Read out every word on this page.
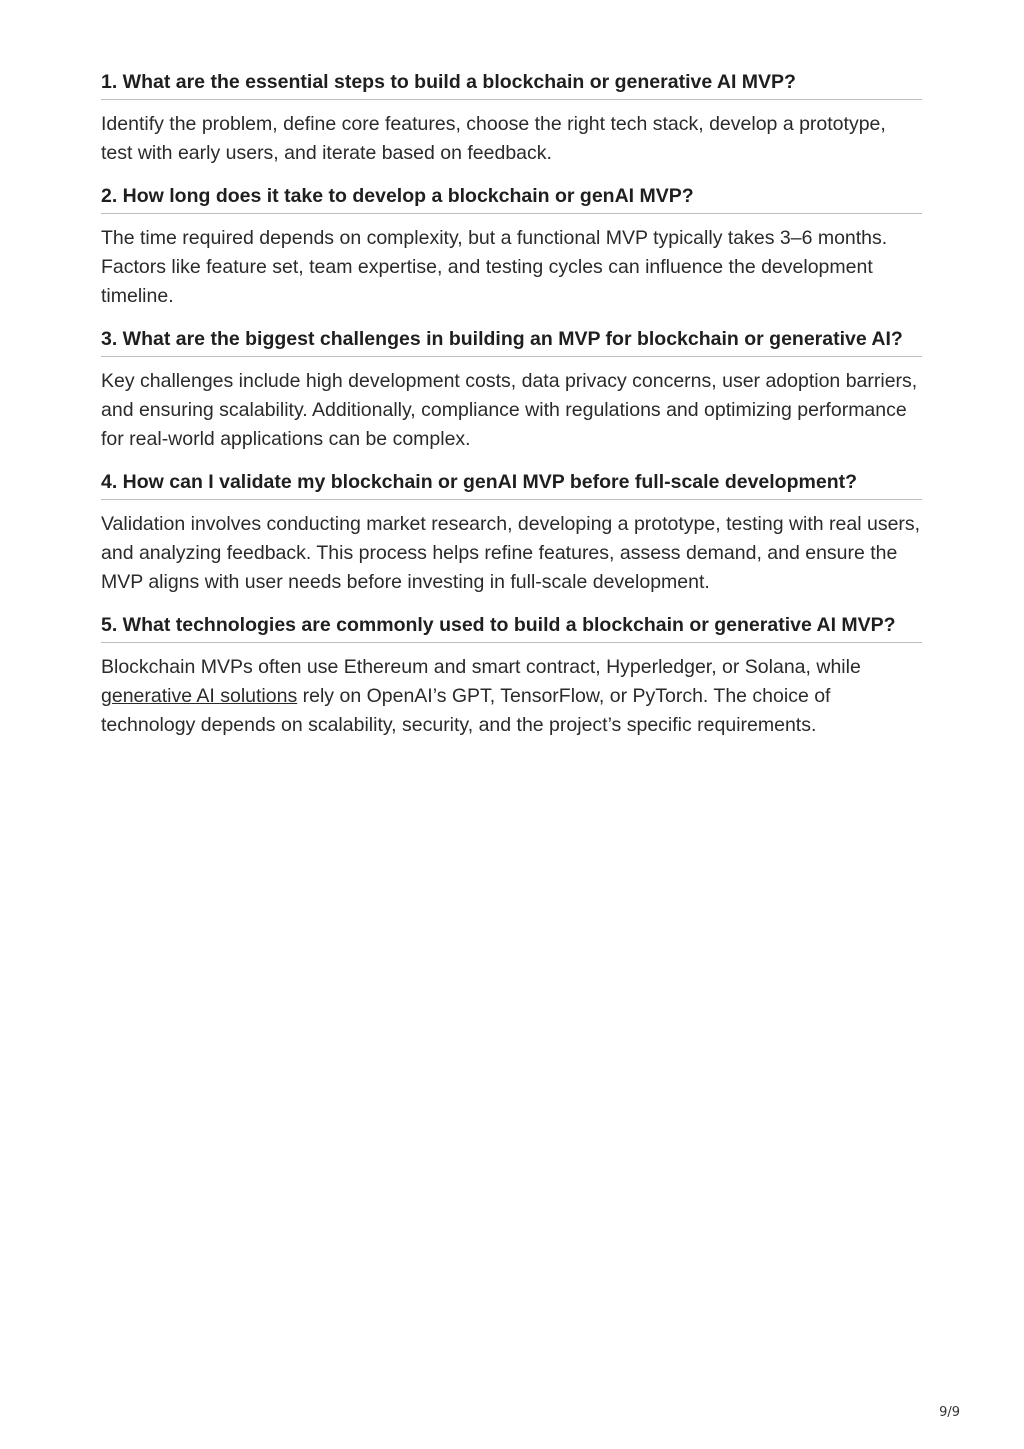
1. What are the essential steps to build a blockchain or generative AI MVP?

Identify the problem, define core features, choose the right tech stack, develop a prototype, test with early users, and iterate based on feedback.

2. How long does it take to develop a blockchain or genAI MVP?

The time required depends on complexity, but a functional MVP typically takes 3–6 months. Factors like feature set, team expertise, and testing cycles can influence the development timeline.

3. What are the biggest challenges in building an MVP for blockchain or generative AI?

Key challenges include high development costs, data privacy concerns, user adoption barriers, and ensuring scalability. Additionally, compliance with regulations and optimizing performance for real-world applications can be complex.

4. How can I validate my blockchain or genAI MVP before full-scale development?

Validation involves conducting market research, developing a prototype, testing with real users, and analyzing feedback. This process helps refine features, assess demand, and ensure the MVP aligns with user needs before investing in full-scale development.

5. What technologies are commonly used to build a blockchain or generative AI MVP?

Blockchain MVPs often use Ethereum and smart contract, Hyperledger, or Solana, while generative AI solutions rely on OpenAI’s GPT, TensorFlow, or PyTorch. The choice of technology depends on scalability, security, and the project’s specific requirements.

9/9
